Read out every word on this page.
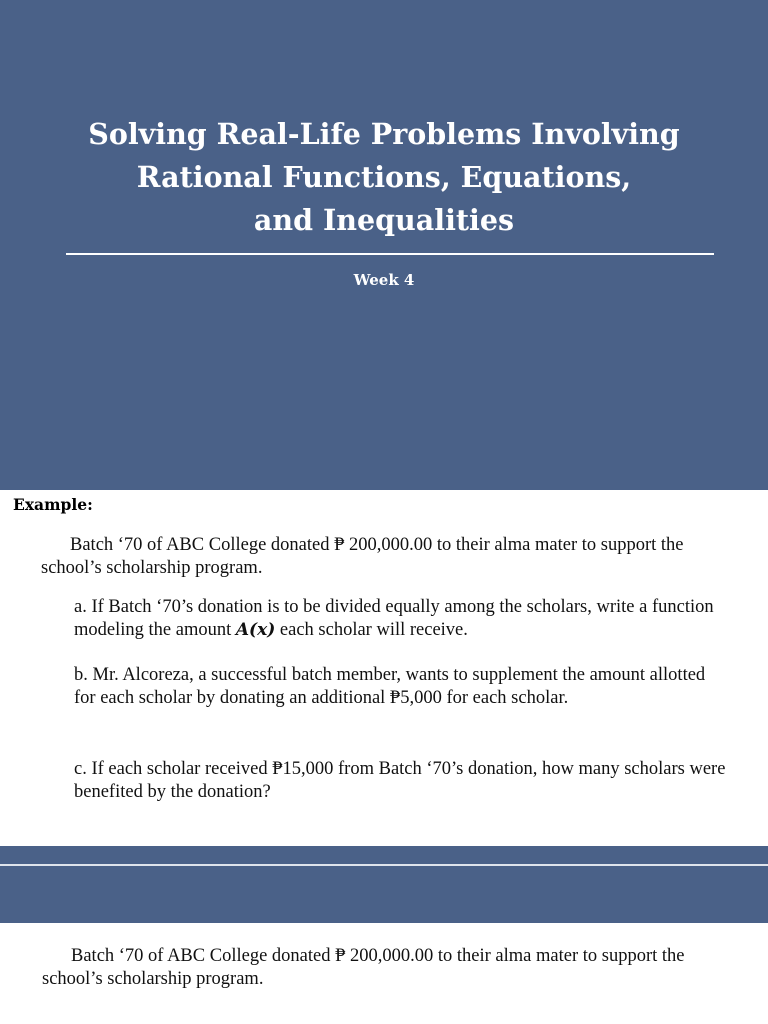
Solving Real-Life Problems Involving
Rational Functions, Equations,
and Inequalities
Week 4
Example:

Batch ‘70 of ABC College donated ₱ 200,000.00 to their alma mater to support the school’s scholarship program.

a. If Batch ‘70’s donation is to be divided equally among the scholars, write a function modeling the amount A(x) each scholar will receive.

b. Mr. Alcoreza, a successful batch member, wants to supplement the amount allotted for each scholar by donating an additional ₱5,000 for each scholar.

c. If each scholar received ₱15,000 from Batch ‘70’s donation, how many scholars were benefited by the donation?

Batch ‘70 of ABC College donated ₱ 200,000.00 to their alma mater to support the school’s scholarship program.
